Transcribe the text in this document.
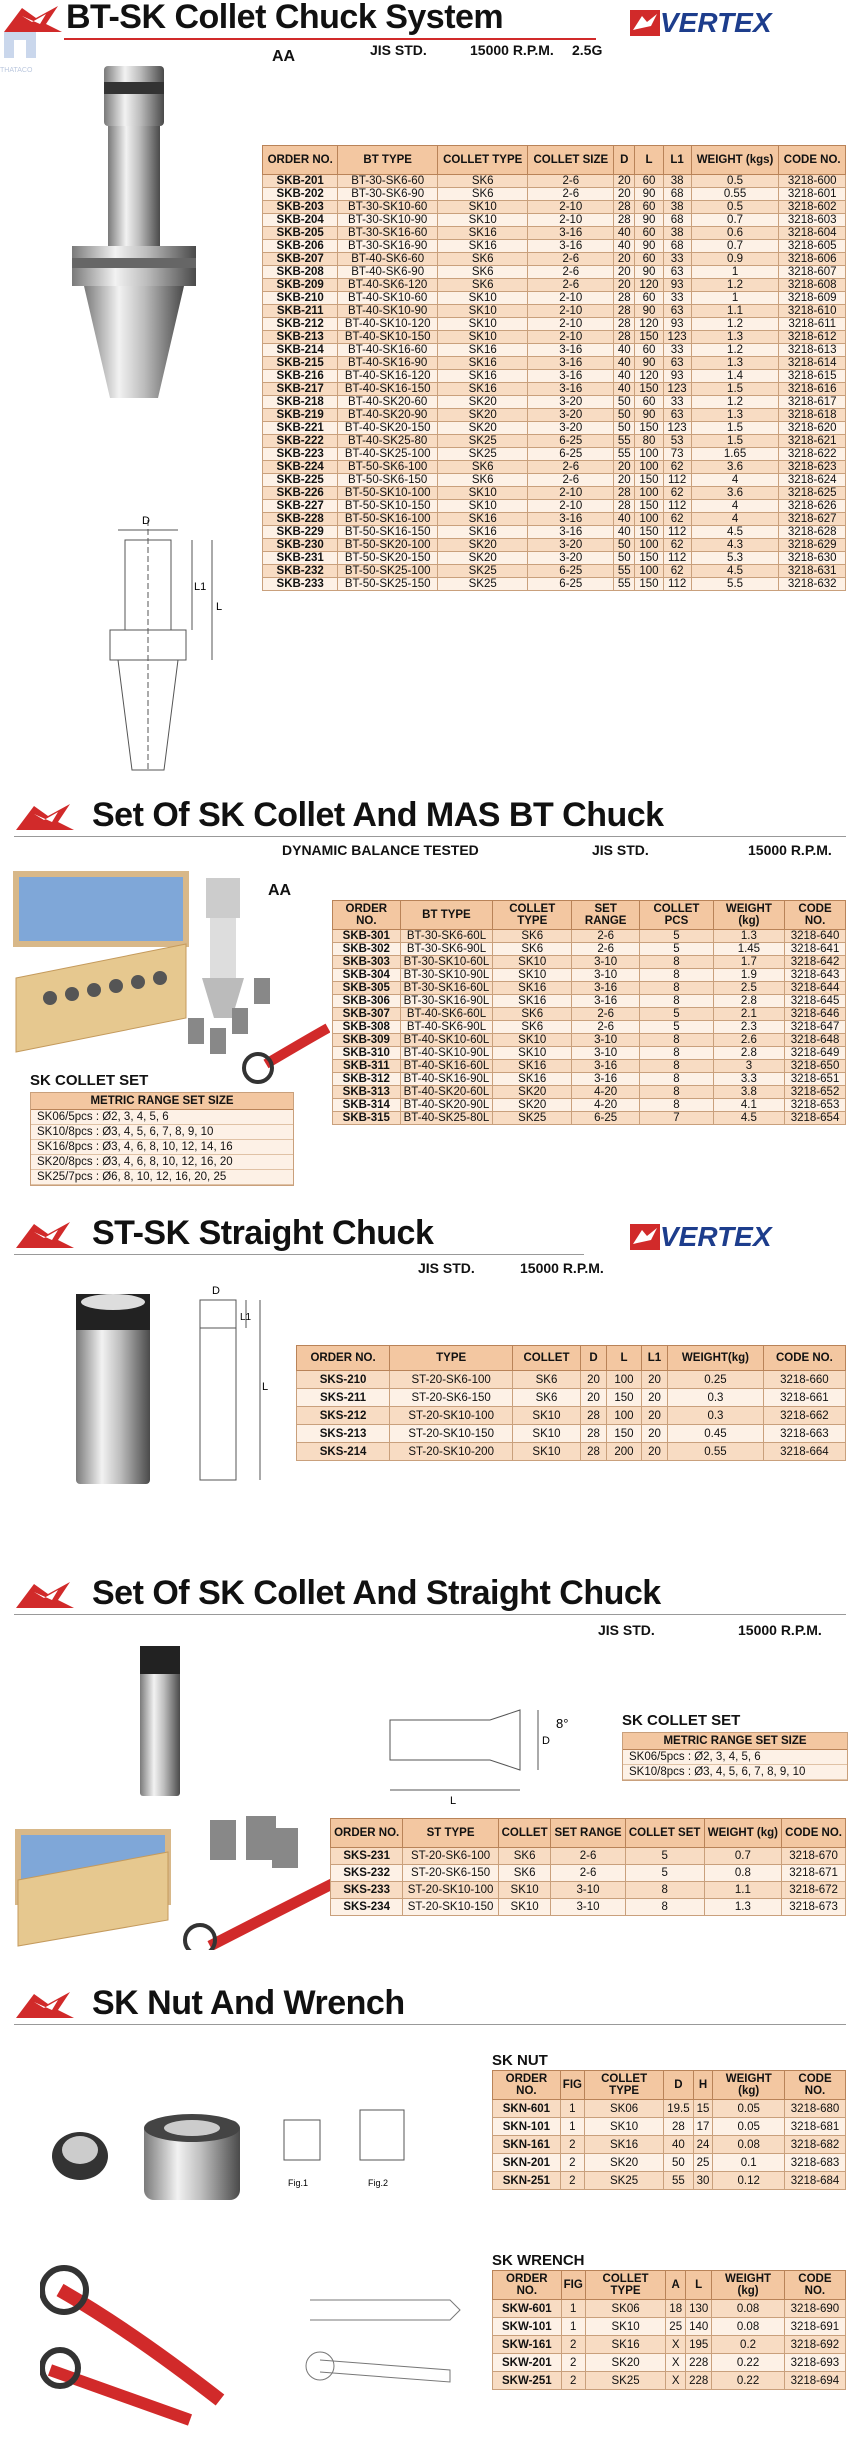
BT-SK Collet Chuck System	VERTEX
THATACO
AA	JIS STD.	15000 R.P.M. 2.5G
D
L1
L
ORDER NO.	BT TYPE	COLLET TYPE	COLLET SIZE	D	L	L1	WEIGHT (kgs)	CODE NO.
SKB-201	BT-30-SK6-60	SK6	2-6	20	60	38	0.5	3218-600
SKB-202	BT-30-SK6-90	SK6	2-6	20	90	68	0.55	3218-601
SKB-203	BT-30-SK10-60	SK10	2-10	28	60	38	0.5	3218-602
SKB-204	BT-30-SK10-90	SK10	2-10	28	90	68	0.7	3218-603
SKB-205	BT-30-SK16-60	SK16	3-16	40	60	38	0.6	3218-604
SKB-206	BT-30-SK16-90	SK16	3-16	40	90	68	0.7	3218-605
SKB-207	BT-40-SK6-60	SK6	2-6	20	60	33	0.9	3218-606
SKB-208	BT-40-SK6-90	SK6	2-6	20	90	63	1	3218-607
SKB-209	BT-40-SK6-120	SK6	2-6	20	120	93	1.2	3218-608
SKB-210	BT-40-SK10-60	SK10	2-10	28	60	33	1	3218-609
SKB-211	BT-40-SK10-90	SK10	2-10	28	90	63	1.1	3218-610
SKB-212	BT-40-SK10-120	SK10	2-10	28	120	93	1.2	3218-611
SKB-213	BT-40-SK10-150	SK10	2-10	28	150	123	1.3	3218-612
SKB-214	BT-40-SK16-60	SK16	3-16	40	60	33	1.2	3218-613
SKB-215	BT-40-SK16-90	SK16	3-16	40	90	63	1.3	3218-614
SKB-216	BT-40-SK16-120	SK16	3-16	40	120	93	1.4	3218-615
SKB-217	BT-40-SK16-150	SK16	3-16	40	150	123	1.5	3218-616
SKB-218	BT-40-SK20-60	SK20	3-20	50	60	33	1.2	3218-617
SKB-219	BT-40-SK20-90	SK20	3-20	50	90	63	1.3	3218-618
SKB-221	BT-40-SK20-150	SK20	3-20	50	150	123	1.5	3218-620
SKB-222	BT-40-SK25-80	SK25	6-25	55	80	53	1.5	3218-621
SKB-223	BT-40-SK25-100	SK25	6-25	55	100	73	1.65	3218-622
SKB-224	BT-50-SK6-100	SK6	2-6	20	100	62	3.6	3218-623
SKB-225	BT-50-SK6-150	SK6	2-6	20	150	112	4	3218-624
SKB-226	BT-50-SK10-100	SK10	2-10	28	100	62	3.6	3218-625
SKB-227	BT-50-SK10-150	SK10	2-10	28	150	112	4	3218-626
SKB-228	BT-50-SK16-100	SK16	3-16	40	100	62	4	3218-627
SKB-229	BT-50-SK16-150	SK16	3-16	40	150	112	4.5	3218-628
SKB-230	BT-50-SK20-100	SK20	3-20	50	100	62	4.3	3218-629
SKB-231	BT-50-SK20-150	SK20	3-20	50	150	112	5.3	3218-630
SKB-232	BT-50-SK25-100	SK25	6-25	55	100	62	4.5	3218-631
SKB-233	BT-50-SK25-150	SK25	6-25	55	150	112	5.5	3218-632
Set Of SK Collet And MAS BT Chuck
DYNAMIC BALANCE TESTED	JIS STD.	15000 R.P.M.
AA
SK COLLET SET
METRIC RANGE SET SIZE
SK06/5pcs : Ø2, 3, 4, 5, 6
SK10/8pcs : Ø3, 4, 5, 6, 7, 8, 9, 10
SK16/8pcs : Ø3, 4, 6, 8, 10, 12, 14, 16
SK20/8pcs : Ø3, 4, 6, 8, 10, 12, 16, 20
SK25/7pcs : Ø6, 8, 10, 12, 16, 20, 25
ORDER NO.	BT TYPE	COLLET TYPE	SET RANGE	COLLET PCS	WEIGHT (kg)	CODE NO.
SKB-301	BT-30-SK6-60L	SK6	2-6	5	1.3	3218-640
SKB-302	BT-30-SK6-90L	SK6	2-6	5	1.45	3218-641
SKB-303	BT-30-SK10-60L	SK10	3-10	8	1.7	3218-642
SKB-304	BT-30-SK10-90L	SK10	3-10	8	1.9	3218-643
SKB-305	BT-30-SK16-60L	SK16	3-16	8	2.5	3218-644
SKB-306	BT-30-SK16-90L	SK16	3-16	8	2.8	3218-645
SKB-307	BT-40-SK6-60L	SK6	2-6	5	2.1	3218-646
SKB-308	BT-40-SK6-90L	SK6	2-6	5	2.3	3218-647
SKB-309	BT-40-SK10-60L	SK10	3-10	8	2.6	3218-648
SKB-310	BT-40-SK10-90L	SK10	3-10	8	2.8	3218-649
SKB-311	BT-40-SK16-60L	SK16	3-16	8	3	3218-650
SKB-312	BT-40-SK16-90L	SK16	3-16	8	3.3	3218-651
SKB-313	BT-40-SK20-60L	SK20	4-20	8	3.8	3218-652
SKB-314	BT-40-SK20-90L	SK20	4-20	8	4.1	3218-653
SKB-315	BT-40-SK25-80L	SK25	6-25	7	4.5	3218-654
ST-SK Straight Chuck	VERTEX
JIS STD.	15000 R.P.M.
D
L1
L
ORDER NO.	TYPE	COLLET	D	L	L1	WEIGHT(kg)	CODE NO.
SKS-210	ST-20-SK6-100	SK6	20	100	20	0.25	3218-660
SKS-211	ST-20-SK6-150	SK6	20	150	20	0.3	3218-661
SKS-212	ST-20-SK10-100	SK10	28	100	20	0.3	3218-662
SKS-213	ST-20-SK10-150	SK10	28	150	20	0.45	3218-663
SKS-214	ST-20-SK10-200	SK10	28	200	20	0.55	3218-664
Set Of SK Collet And Straight Chuck
JIS STD.	15000 R.P.M.
D
8°
L
SK COLLET SET
METRIC RANGE SET SIZE
SK06/5pcs : Ø2, 3, 4, 5, 6
SK10/8pcs : Ø3, 4, 5, 6, 7, 8, 9, 10
ORDER NO.	ST TYPE	COLLET	SET RANGE	COLLET SET	WEIGHT (kg)	CODE NO.
SKS-231	ST-20-SK6-100	SK6	2-6	5	0.7	3218-670
SKS-232	ST-20-SK6-150	SK6	2-6	5	0.8	3218-671
SKS-233	ST-20-SK10-100	SK10	3-10	8	1.1	3218-672
SKS-234	ST-20-SK10-150	SK10	3-10	8	1.3	3218-673
SK Nut And Wrench
Fig.1	Fig.2
SK NUT
ORDER NO.	FIG	COLLET TYPE	D	H	WEIGHT (kg)	CODE NO.
SKN-601	1	SK06	19.5	15	0.05	3218-680
SKN-101	1	SK10	28	17	0.05	3218-681
SKN-161	2	SK16	40	24	0.08	3218-682
SKN-201	2	SK20	50	25	0.1	3218-683
SKN-251	2	SK25	55	30	0.12	3218-684
SK WRENCH
ORDER NO.	FIG	COLLET TYPE	A	L	WEIGHT (kg)	CODE NO.
SKW-601	1	SK06	18	130	0.08	3218-690
SKW-101	1	SK10	25	140	0.08	3218-691
SKW-161	2	SK16	X	195	0.2	3218-692
SKW-201	2	SK20	X	228	0.22	3218-693
SKW-251	2	SK25	X	228	0.22	3218-694
